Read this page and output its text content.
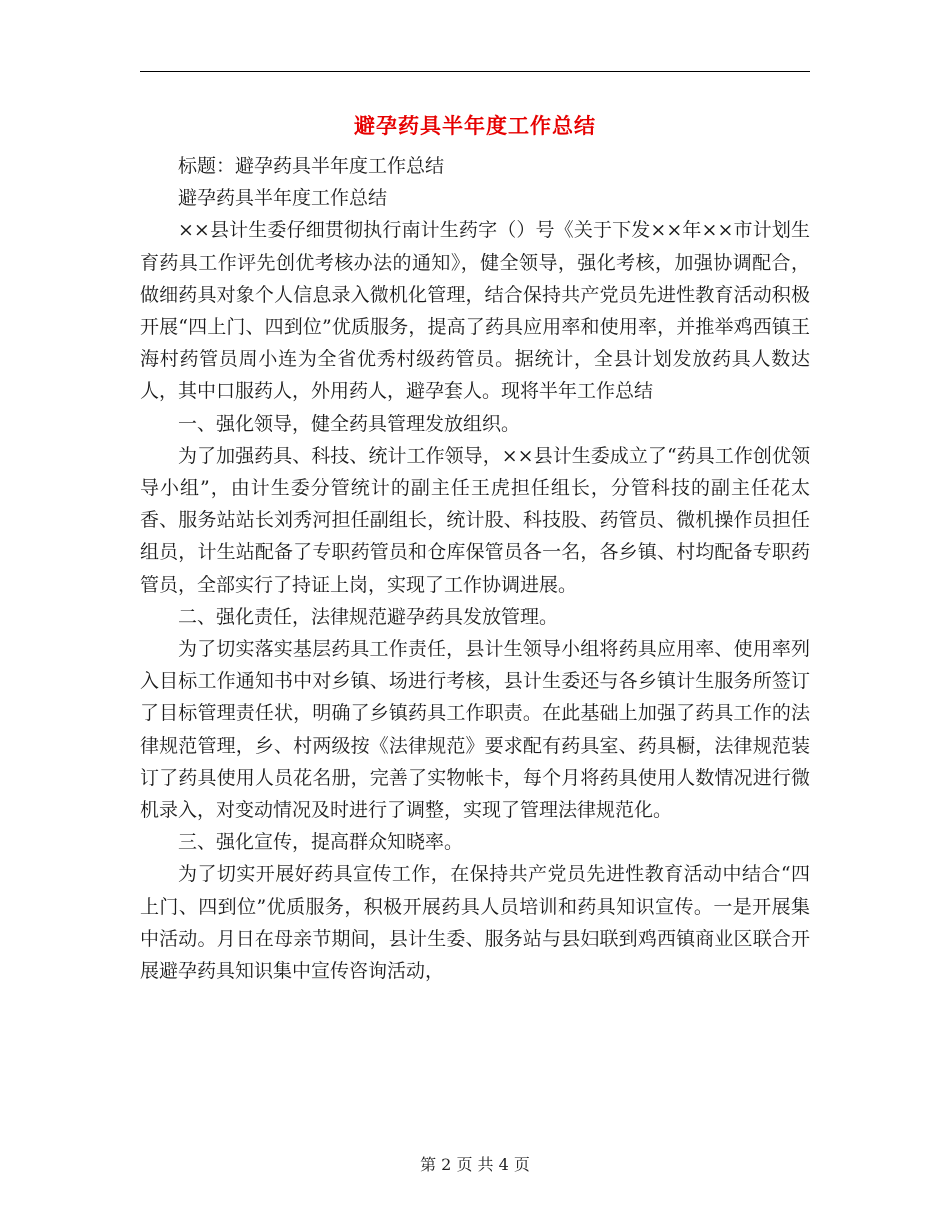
避孕药具半年度工作总结

标题：避孕药具半年度工作总结

避孕药具半年度工作总结

××县计生委仔细贯彻执行南计生药字（）号《关于下发××年××市计划生育药具工作评先创优考核办法的通知》，健全领导，强化考核，加强协调配合，做细药具对象个人信息录入微机化管理，结合保持共产党员先进性教育活动积极开展“四上门、四到位”优质服务，提高了药具应用率和使用率，并推举鸡西镇王海村药管员周小连为全省优秀村级药管员。据统计，全县计划发放药具人数达人，其中口服药人，外用药人，避孕套人。现将半年工作总结

一、强化领导，健全药具管理发放组织。

为了加强药具、科技、统计工作领导，××县计生委成立了“药具工作创优领导小组”，由计生委分管统计的副主任王虎担任组长，分管科技的副主任花太香、服务站站长刘秀河担任副组长，统计股、科技股、药管员、微机操作员担任组员，计生站配备了专职药管员和仓库保管员各一名，各乡镇、村均配备专职药管员，全部实行了持证上岗，实现了工作协调进展。

二、强化责任，法律规范避孕药具发放管理。

为了切实落实基层药具工作责任，县计生领导小组将药具应用率、使用率列入目标工作通知书中对乡镇、场进行考核，县计生委还与各乡镇计生服务所签订了目标管理责任状，明确了乡镇药具工作职责。在此基础上加强了药具工作的法律规范管理，乡、村两级按《法律规范》要求配有药具室、药具橱，法律规范装订了药具使用人员花名册，完善了实物帐卡，每个月将药具使用人数情况进行微机录入，对变动情况及时进行了调整，实现了管理法律规范化。

三、强化宣传，提高群众知晓率。

为了切实开展好药具宣传工作，在保持共产党员先进性教育活动中结合“四上门、四到位”优质服务，积极开展药具人员培训和药具知识宣传。一是开展集中活动。月日在母亲节期间，县计生委、服务站与县妇联到鸡西镇商业区联合开展避孕药具知识集中宣传咨询活动，

第 2 页 共 4 页
